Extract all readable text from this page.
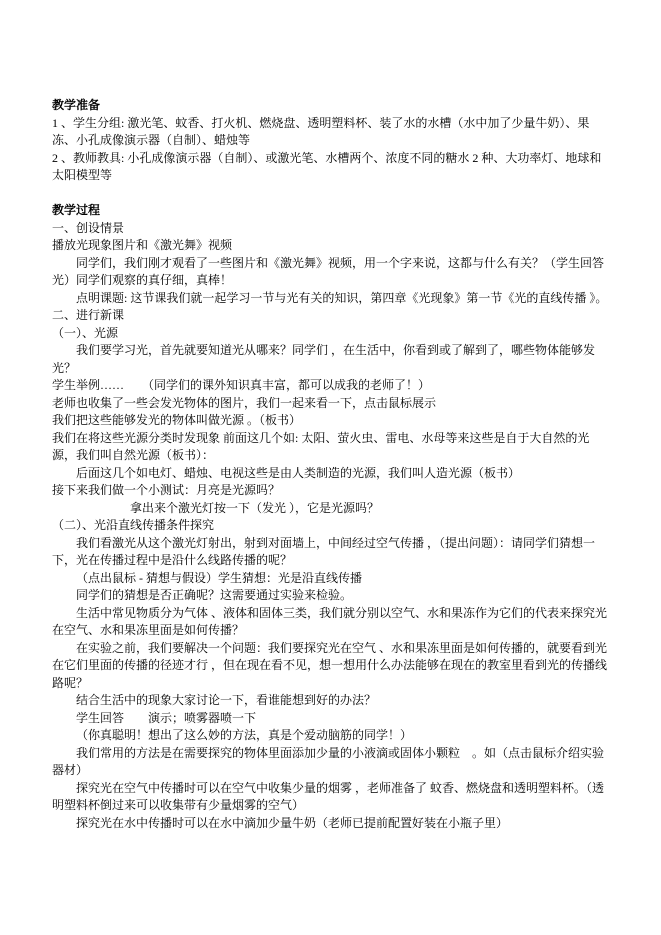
教学准备

1 、学生分组: 激光笔、蚊香、打火机、燃烧盘、透明塑料杯、装了水的水槽（水中加了少量牛奶）、果冻、小孔成像演示器（自制）、蜡烛等

2 、教师教具: 小孔成像演示器（自制）、或激光笔、水槽两个、浓度不同的糖水 2 种、大功率灯、地球和太阳模型等

教学过程

一、创设情景

播放光现象图片和《激光舞》视频

同学们，我们刚才观看了一些图片和《激光舞》视频，用一个字来说，这都与什么有关？（学生回答　光）同学们观察的真仔细，真棒！

点明课题: 这节课我们就一起学习一节与光有关的知识，第四章《光现象》第一节《光的直线传播 》。

二、进行新课

（一）、光源

我们要学习光，首先就要知道光从哪来？同学们 ，在生活中，你看到或了解到了，哪些物体能够发光？

学生举例……　　（同学们的课外知识真丰富，都可以成我的老师了！）

老师也收集了一些会发光物体的图片，我们一起来看一下，点击鼠标展示

我们把这些能够发光的物体叫做光源 。（板书）

我们在将这些光源分类时发现象 前面这几个如: 太阳、萤火虫、雷电、水母等来这些是自于大自然的光源，我们叫自然光源（板书）：

后面这几个如电灯、蜡烛、电视这些是由人类制造的光源，我们叫人造光源（板书）

接下来我们做一个小测试：月亮是光源吗？

拿出来个激光灯按一下（发光 ），它是光源吗？

（二）、光沿直线传播条件探究

我们看激光从这个激光灯射出，射到对面墙上，中间经过空气传播 ，（提出问题）：请同学们猜想一下，光在传播过程中是沿什么线路传播的呢？

（点出鼠标 - 猜想与假设）学生猜想：光是沿直线传播

同学们的猜想是否正确呢？这需要通过实验来检验。

生活中常见物质分为气体 、液体和固体三类，我们就分别以空气、水和果冻作为它们的代表来探究光在空气、水和果冻里面是如何传播？

在实验之前，我们要解决一个问题：我们要探究光在空气 、水和果冻里面是如何传播的，就要看到光在它们里面的传播的径迹才行 ，但在现在看不见，想一想用什么办法能够在现在的教室里看到光的传播线路呢？

结合生活中的现象大家讨论一下，看谁能想到好的办法？

学生回答　　演示；喷雾器喷一下

（你真聪明！想出了这么妙的方法，真是个爱动脑筋的同学！）

我们常用的方法是在需要探究的物体里面添加少量的小液滴或固体小颗粒　。如（点击鼠标介绍实验器材）

探究光在空气中传播时可以在空气中收集少量的烟雾 ，老师准备了 蚊香、燃烧盘和透明塑料杯。（透明塑料杯倒过来可以收集带有少量烟雾的空气）

探究光在水中传播时可以在水中滴加少量牛奶（老师已提前配置好装在小瓶子里）
